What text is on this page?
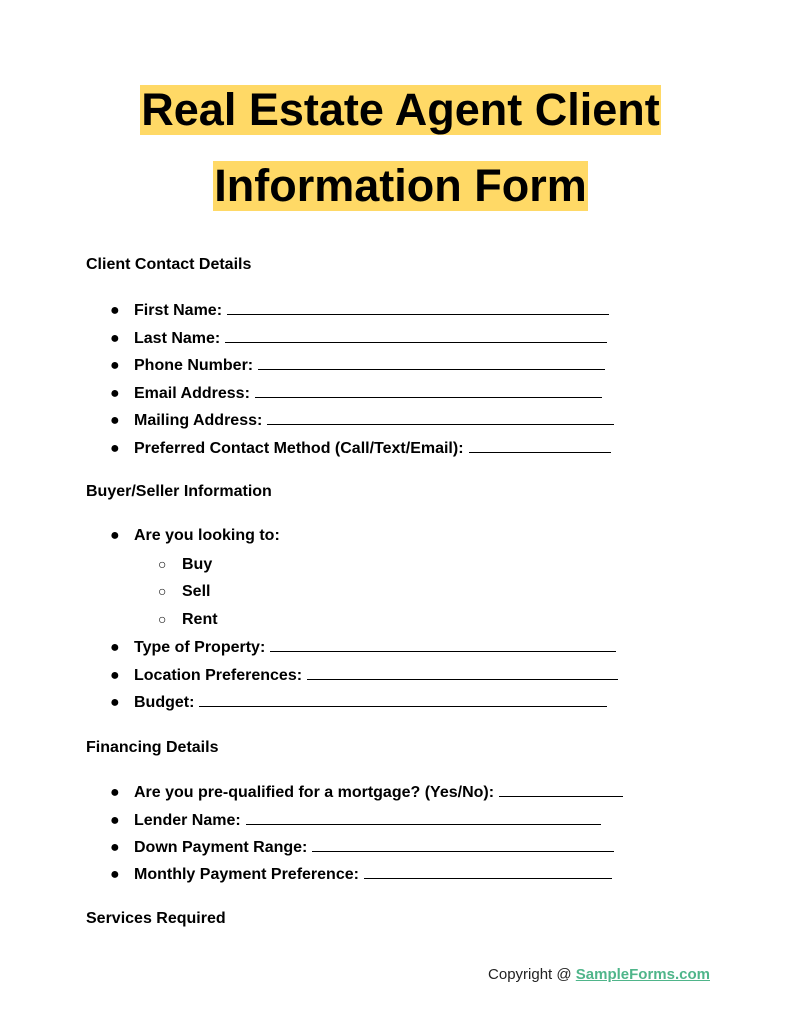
Real Estate Agent Client
Information Form
Client Contact Details
● First Name:
● Last Name:
● Phone Number:
● Email Address:
● Mailing Address:
● Preferred Contact Method (Call/Text/Email):
Buyer/Seller Information
● Are you looking to:
○ Buy
○ Sell
○ Rent
● Type of Property:
● Location Preferences:
● Budget:
Financing Details
● Are you pre-qualified for a mortgage? (Yes/No):
● Lender Name:
● Down Payment Range:
● Monthly Payment Preference:
Services Required
Copyright @ SampleForms.com
